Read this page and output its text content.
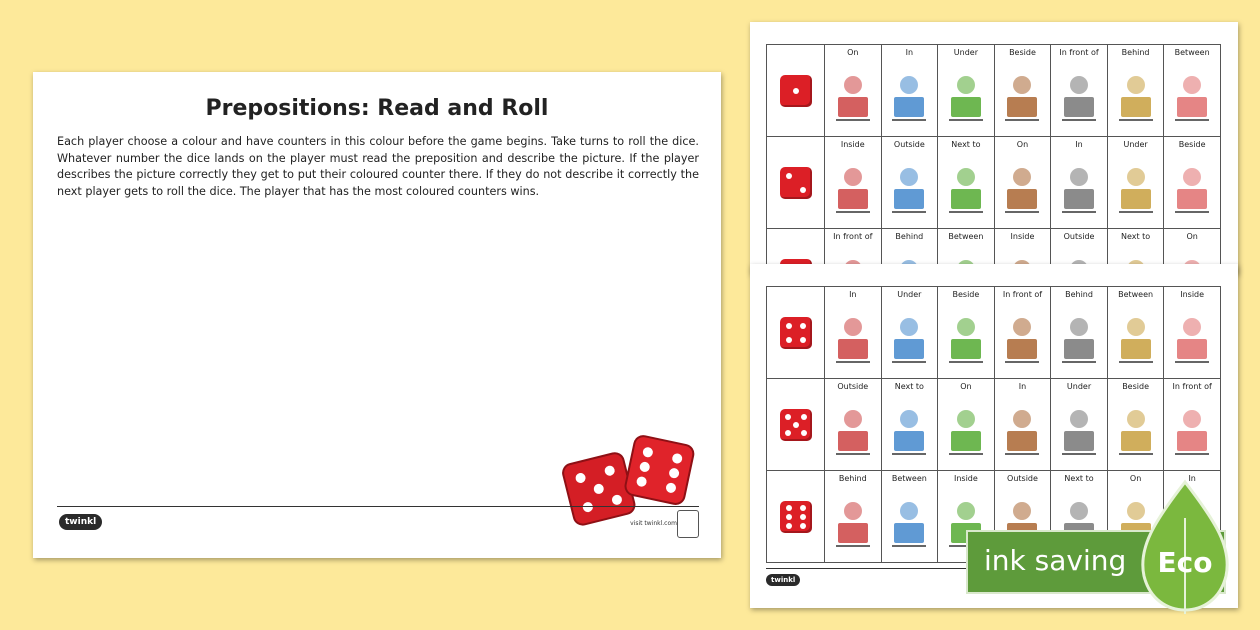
Prepositions: Read and Roll

Each player choose a colour and have counters in this colour before the game begins. Take turns to roll the dice. Whatever number the dice lands on the player must read the preposition and describe the picture. If the player describes the picture correctly they get to put their coloured counter there. If they do not describe it correctly the next player gets to roll the dice. The player that has the most coloured counters wins.

twinkl	visit twinkl.com
On	In	Under	Beside	In front of	Behind	Between
Inside	Outside	Next to	On	In	Under	Beside
In front of	Behind	Between	Inside	Outside	Next to	On
In	Under	Beside	In front of	Behind	Between	Inside
Outside	Next to	On	In	Under	Beside	In front of
Behind	Between	Inside	Outside	Next to	On	In
twinkl
ink saving Eco
